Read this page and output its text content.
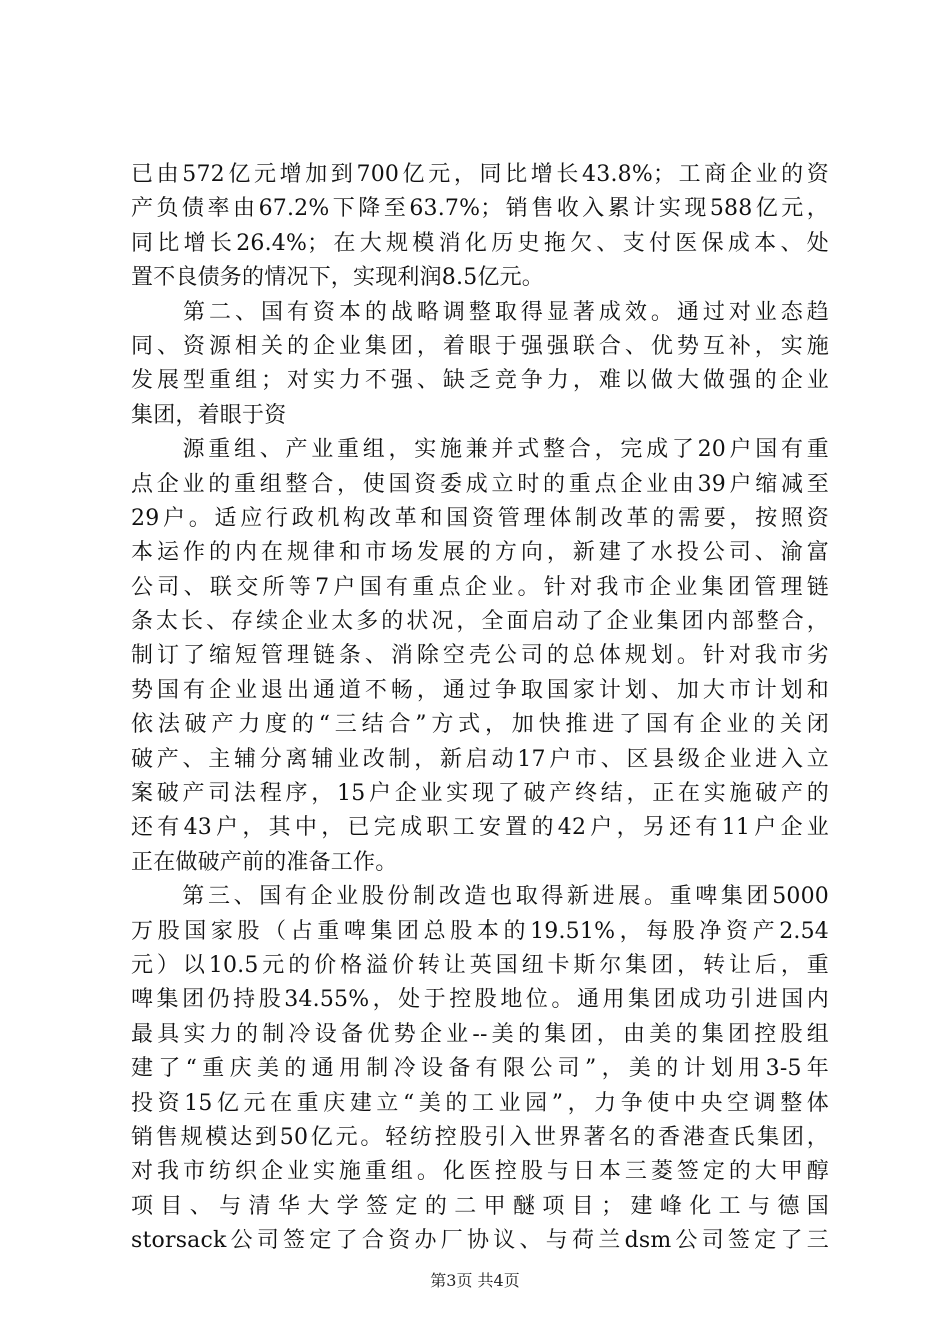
已由572亿元增加到700亿元，同比增长43.8%；工商企业的资
产负债率由67.2%下降至63.7%；销售收入累计实现588亿元，
同比增长26.4%；在大规模消化历史拖欠、支付医保成本、处
置不良债务的情况下，实现利润8.5亿元。
　　第二、国有资本的战略调整取得显著成效。通过对业态趋
同、资源相关的企业集团，着眼于强强联合、优势互补，实施
发展型重组；对实力不强、缺乏竞争力，难以做大做强的企业
集团，着眼于资
　　源重组、产业重组，实施兼并式整合，完成了20户国有重
点企业的重组整合，使国资委成立时的重点企业由39户缩减至
29户。适应行政机构改革和国资管理体制改革的需要，按照资
本运作的内在规律和市场发展的方向，新建了水投公司、渝富
公司、联交所等7户国有重点企业。针对我市企业集团管理链
条太长、存续企业太多的状况，全面启动了企业集团内部整合，
制订了缩短管理链条、消除空壳公司的总体规划。针对我市劣
势国有企业退出通道不畅，通过争取国家计划、加大市计划和
依法破产力度的“三结合”方式，加快推进了国有企业的关闭
破产、主辅分离辅业改制，新启动17户市、区县级企业进入立
案破产司法程序，15户企业实现了破产终结，正在实施破产的
还有43户，其中，已完成职工安置的42户，另还有11户企业
正在做破产前的准备工作。
　　第三、国有企业股份制改造也取得新进展。重啤集团5000
万股国家股（占重啤集团总股本的19.51%，每股净资产2.54
元）以10.5元的价格溢价转让英国纽卡斯尔集团，转让后，重
啤集团仍持股34.55%，处于控股地位。通用集团成功引进国内
最具实力的制冷设备优势企业--美的集团，由美的集团控股组
建了“重庆美的通用制冷设备有限公司”，美的计划用3-5年
投资15亿元在重庆建立“美的工业园”，力争使中央空调整体
销售规模达到50亿元。轻纺控股引入世界著名的香港查氏集团，
对我市纺织企业实施重组。化医控股与日本三菱签定的大甲醇
项目、与清华大学签定的二甲醚项目；建峰化工与德国
storsack公司签定了合资办厂协议、与荷兰dsm公司签定了三
第3页 共4页
